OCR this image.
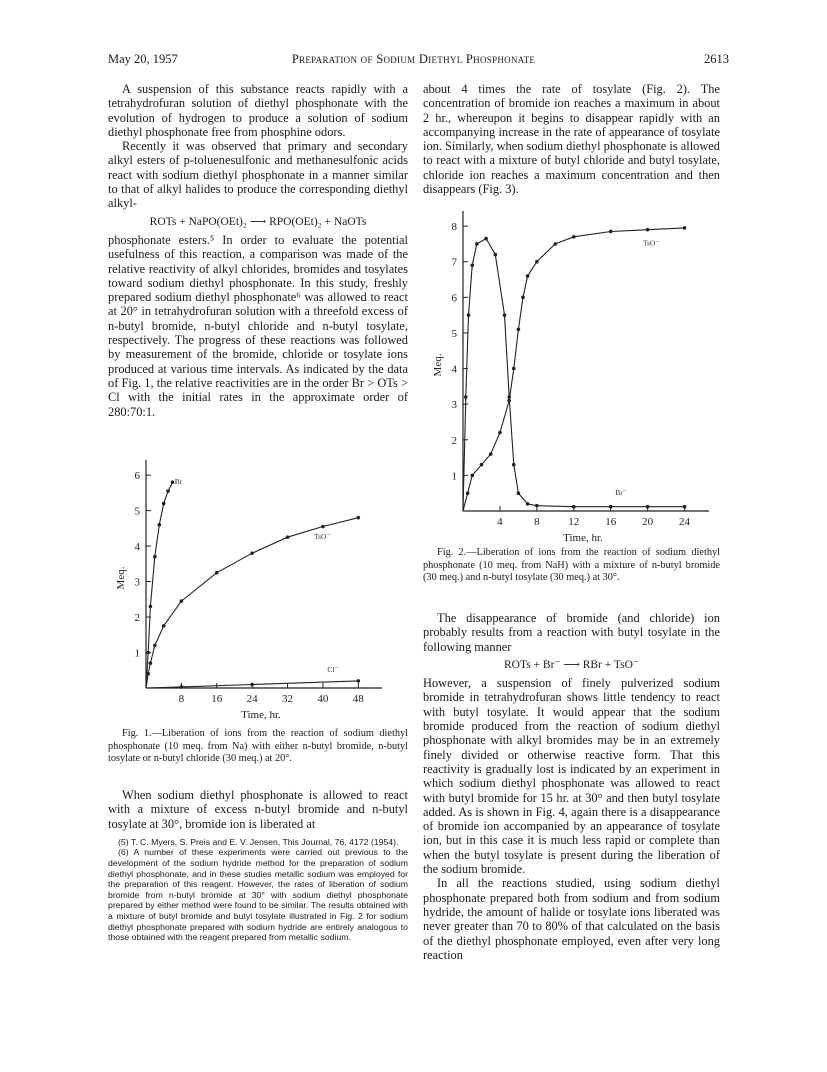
May 20, 1957	Preparation of Sodium Diethyl Phosphonate	2613

A suspension of this substance reacts rapidly with a tetrahydrofuran solution of diethyl phosphonate with the evolution of hydrogen to produce a solution of sodium diethyl phosphonate free from phosphine odors.

Recently it was observed that primary and secondary alkyl esters of p-toluenesulfonic and methanesulfonic acids react with sodium diethyl phosphonate in a manner similar to that of alkyl halides to produce the corresponding diethyl alkyl-

ROTs + NaPO(OEt)₂ ⟶ RPO(OEt)₂ + NaOTs

phosphonate esters.⁵ In order to evaluate the potential usefulness of this reaction, a comparison was made of the relative reactivity of alkyl chlorides, bromides and tosylates toward sodium diethyl phosphonate. In this study, freshly prepared sodium diethyl phosphonate⁶ was allowed to react at 20° in tetrahydrofuran solution with a threefold excess of n-butyl bromide, n-butyl chloride and n-butyl tosylate, respectively. The progress of these reactions was followed by measurement of the bromide, chloride or tosylate ions produced at various time intervals. As indicated by the data of Fig. 1, the relative reactivities are in the order Br > OTs > Cl with the initial rates in the approximate order of 280:70:1.

8 16 24 32 40 48
1
2
3
4
5
6
Time, hr.
Meq.
Br
TsO⁻
Cl⁻

Fig. 1.—Liberation of ions from the reaction of sodium diethyl phosphonate (10 meq. from Na) with either n-butyl bromide, n-butyl tosylate or n-butyl chloride (30 meq.) at 20°.

When sodium diethyl phosphonate is allowed to react with a mixture of excess n-butyl bromide and n-butyl tosylate at 30°, bromide ion is liberated at

(5) T. C. Myers, S. Preis and E. V. Jensen, This Journal, 76, 4172 (1954).

(6) A number of these experiments were carried out previous to the development of the sodium hydride method for the preparation of sodium diethyl phosphonate, and in these studies metallic sodium was employed for the preparation of this reagent. However, the rates of liberation of sodium bromide from n-butyl bromide at 30° with sodium diethyl phosphonate prepared by either method were found to be similar. The results obtained with a mixture of butyl bromide and butyl tosylate illustrated in Fig. 2 for sodium diethyl phosphonate prepared with sodium hydride are entirely analogous to those obtained with the reagent prepared from metallic sodium.

about 4 times the rate of tosylate (Fig. 2). The concentration of bromide ion reaches a maximum in about 2 hr., whereupon it begins to disappear rapidly with an accompanying increase in the rate of appearance of tosylate ion. Similarly, when sodium diethyl phosphonate is allowed to react with a mixture of butyl chloride and butyl tosylate, chloride ion reaches a maximum concentration and then disappears (Fig. 3).

4	8	12 16 20 24
1
2
3
4
5
6
7
8
Time, hr.
Meq.
Br⁻
TsO⁻

Fig. 2.—Liberation of ions from the reaction of sodium diethyl phosphonate (10 meq. from NaH) with a mixture of n-butyl bromide (30 meq.) and n-butyl tosylate (30 meq.) at 30°.

The disappearance of bromide (and chloride) ion probably results from a reaction with butyl tosylate in the following manner

ROTs + Br⁻ ⟶ RBr + TsO⁻

However, a suspension of finely pulverized sodium bromide in tetrahydrofuran shows little tendency to react with butyl tosylate. It would appear that the sodium bromide produced from the reaction of sodium diethyl phosphonate with alkyl bromides may be in an extremely finely divided or otherwise reactive form. That this reactivity is gradually lost is indicated by an experiment in which sodium diethyl phosphonate was allowed to react with butyl bromide for 15 hr. at 30° and then butyl tosylate added. As is shown in Fig. 4, again there is a disappearance of bromide ion accompanied by an appearance of tosylate ion, but in this case it is much less rapid or complete than when the butyl tosylate is present during the liberation of the sodium bromide.

In all the reactions studied, using sodium diethyl phosphonate prepared both from sodium and from sodium hydride, the amount of halide or tosylate ions liberated was never greater than 70 to 80% of that calculated on the basis of the diethyl phosphonate employed, even after very long reaction
